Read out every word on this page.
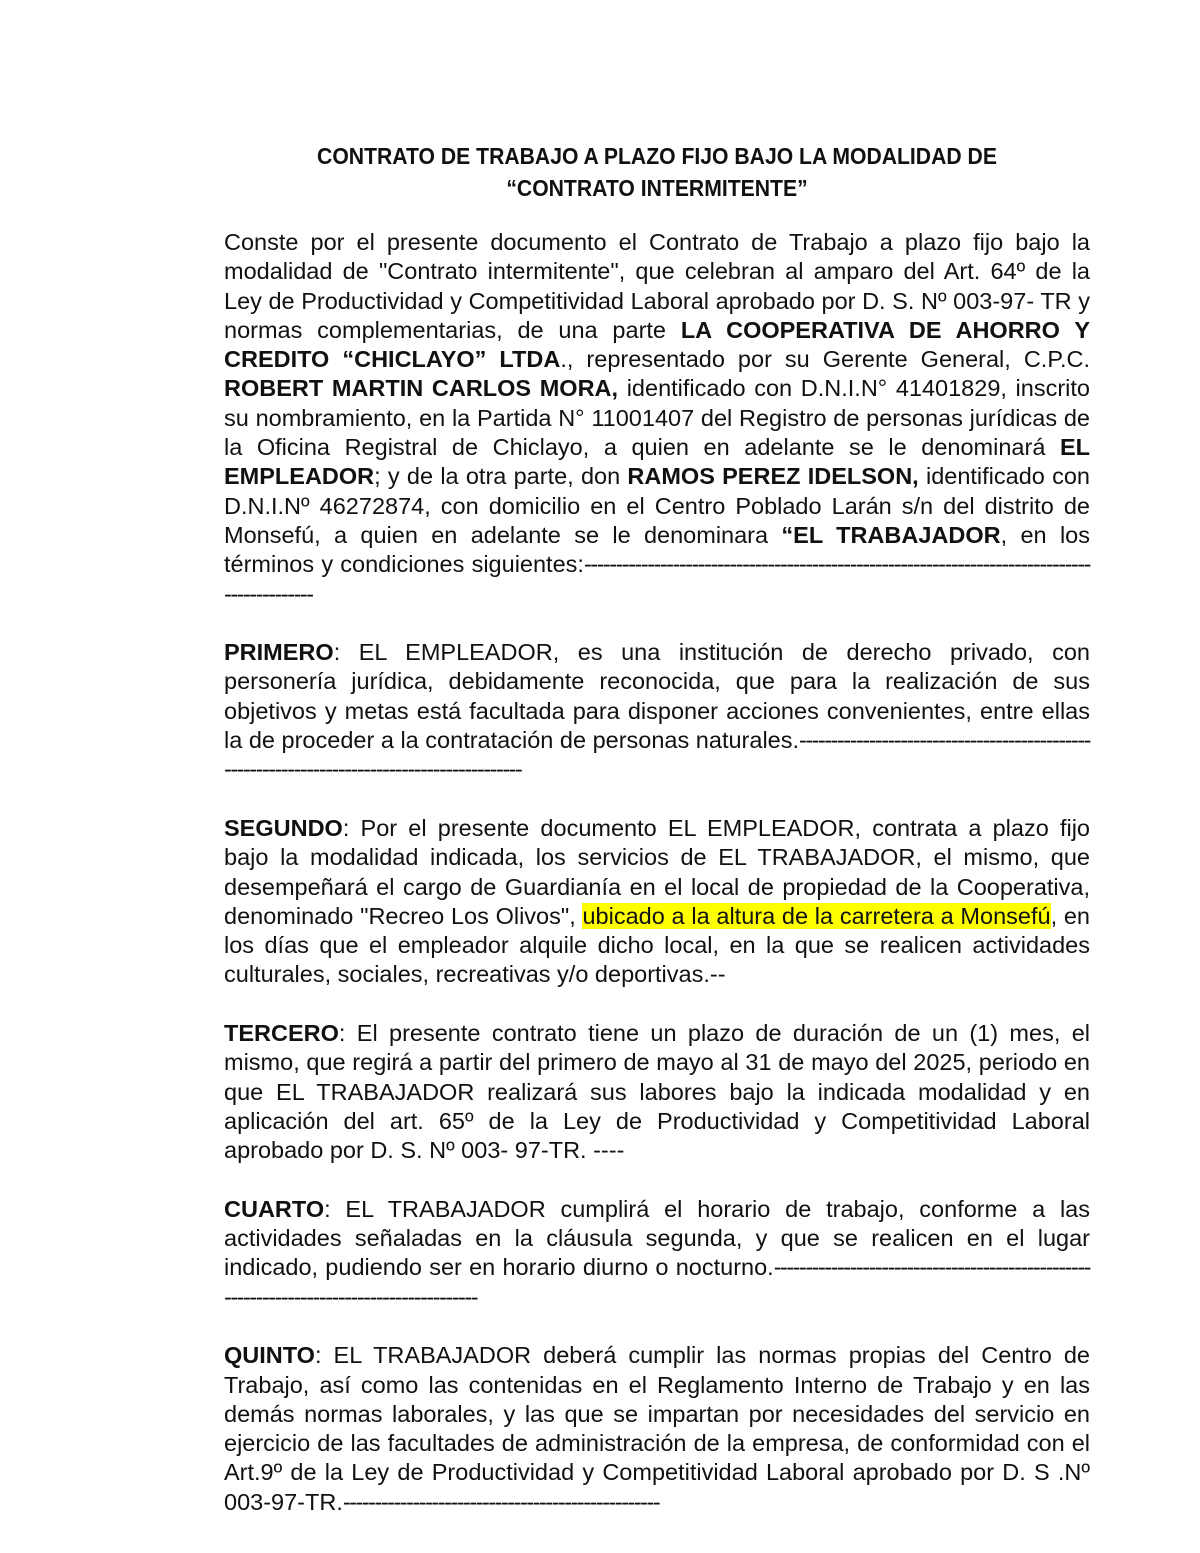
CONTRATO DE TRABAJO A PLAZO FIJO BAJO LA MODALIDAD DE
“CONTRATO INTERMITENTE”

Conste por el presente documento el Contrato de Trabajo a plazo fijo bajo la modalidad de "Contrato intermitente", que celebran al amparo del Art. 64º de la Ley de Productividad y Competitividad Laboral aprobado por D. S. Nº 003-97- TR y normas complementarias, de una parte LA COOPERATIVA DE AHORRO Y CREDITO “CHICLAYO” LTDA., representado por su Gerente General, C.P.C. ROBERT MARTIN CARLOS MORA, identificado con D.N.I.N° 41401829, inscrito su nombramiento, en la Partida N° 11001407 del Registro de personas jurídicas de la Oficina Registral de Chiclayo, a quien en adelante se le denominará EL EMPLEADOR; y de la otra parte, don RAMOS PEREZ IDELSON, identificado con D.N.I.Nº 46272874, con domicilio en el Centro Poblado Larán s/n del distrito de Monsefú, a quien en adelante se le denominara “EL TRABAJADOR, en los términos y condiciones siguientes:----------------------------------------------------------------------------------------------

PRIMERO: EL EMPLEADOR, es una institución de derecho privado, con personería jurídica, debidamente reconocida, que para la realización de sus objetivos y metas está facultada para disponer acciones convenientes, entre ellas la de proceder a la contratación de personas naturales.---------------------------------------------------------------------------------------------

SEGUNDO: Por el presente documento EL EMPLEADOR, contrata a plazo fijo bajo la modalidad indicada, los servicios de EL TRABAJADOR, el mismo, que desempeñará el cargo de Guardianía en el local de propiedad de la Cooperativa, denominado "Recreo Los Olivos", ubicado a la altura de la carretera a Monsefú, en los días que el empleador alquile dicho local, en la que se realicen actividades culturales, sociales, recreativas y/o deportivas.--

TERCERO: El presente contrato tiene un plazo de duración de un (1) mes, el mismo, que regirá a partir del primero de mayo al 31 de mayo del 2025, periodo en que EL TRABAJADOR realizará sus labores bajo la indicada modalidad y en aplicación del art. 65º de la Ley de Productividad y Competitividad Laboral aprobado por D. S. Nº 003- 97-TR. ----

CUARTO: EL TRABAJADOR cumplirá el horario de trabajo, conforme a las actividades señaladas en la cláusula segunda, y que se realicen en el lugar indicado, pudiendo ser en horario diurno o nocturno.------------------------------------------------------------------------------------------

QUINTO: EL TRABAJADOR deberá cumplir las normas propias del Centro de Trabajo, así como las contenidas en el Reglamento Interno de Trabajo y en las demás normas laborales, y las que se impartan por necesidades del servicio en ejercicio de las facultades de administración de la empresa, de conformidad con el Art.9º de la Ley de Productividad y Competitividad Laboral aprobado por D. S .Nº 003-97-TR.--------------------------------------------------
